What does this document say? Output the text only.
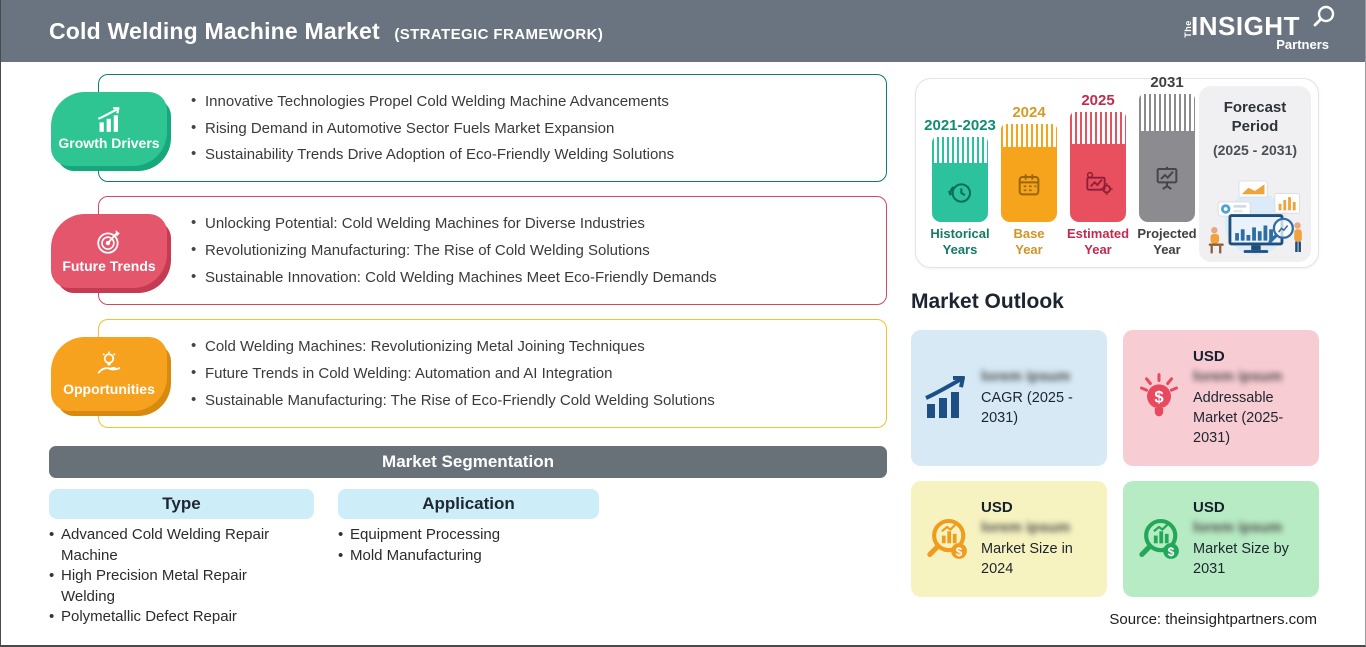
Cold Welding Machine Market (STRATEGIC FRAMEWORK)	The
INSIGHT
Partners
• Innovative Technologies Propel Cold Welding Machine Advancements
• Rising Demand in Automotive Sector Fuels Market Expansion
• Sustainability Trends Drive Adoption of Eco-Friendly Welding Solutions
Growth Drivers
• Unlocking Potential: Cold Welding Machines for Diverse Industries
• Revolutionizing Manufacturing: The Rise of Cold Welding Solutions
• Sustainable Innovation: Cold Welding Machines Meet Eco-Friendly Demands
Future Trends
• Cold Welding Machines: Revolutionizing Metal Joining Techniques
• Future Trends in Cold Welding: Automation and AI Integration
• Sustainable Manufacturing: The Rise of Eco-Friendly Cold Welding Solutions
Opportunities
Market Segmentation
Type	Application
• Advanced Cold Welding Repair Machine
• High Precision Metal Repair Welding
• Polymetallic Defect Repair
• Equipment Processing
• Mold Manufacturing
2021-2023
Historical Years
2024
Base Year
2025
Estimated Year
2031
Projected Year
Forecast Period
(2025 - 2031)
Market Outlook
lorem ipsum
CAGR (2025 - 2031)
$
USD
lorem ipsum
Addressable Market (2025-2031)
$
USD
lorem ipsum
Market Size in 2024
$
USD
lorem ipsum
Market Size by 2031
Source: theinsightpartners.com
